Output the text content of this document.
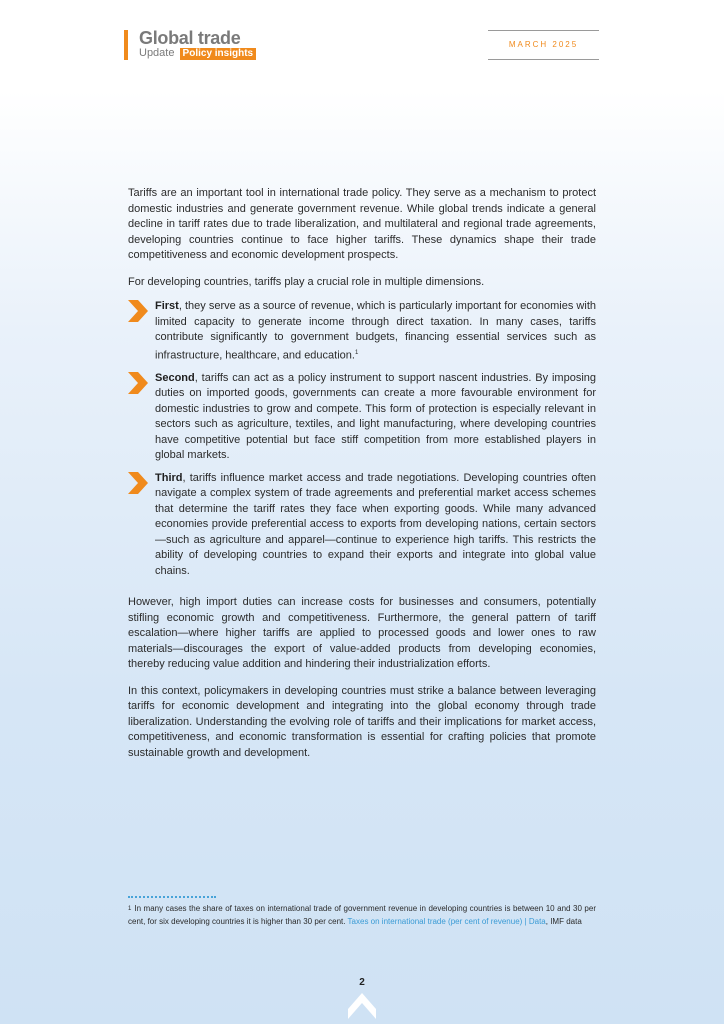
Global trade
Update Policy insights
MARCH 2025

Tariffs are an important tool in international trade policy. They serve as a mechanism to protect domestic industries and generate government revenue. While global trends indicate a general decline in tariff rates due to trade liberalization, and multilateral and regional trade agreements, developing countries continue to face higher tariffs. These dynamics shape their trade competitiveness and economic development prospects.

For developing countries, tariffs play a crucial role in multiple dimensions.

First, they serve as a source of revenue, which is particularly important for economies with limited capacity to generate income through direct taxation. In many cases, tariffs contribute significantly to government budgets, financing essential services such as infrastructure, healthcare, and education.$^1$

Second, tariffs can act as a policy instrument to support nascent industries. By imposing duties on imported goods, governments can create a more favourable environment for domestic industries to grow and compete. This form of protection is especially relevant in sectors such as agriculture, textiles, and light manufacturing, where developing countries have competitive potential but face stiff competition from more established players in global markets.

Third, tariffs influence market access and trade negotiations. Developing countries often navigate a complex system of trade agreements and preferential market access schemes that determine the tariff rates they face when exporting goods. While many advanced economies provide preferential access to exports from developing nations, certain sectors—such as agriculture and apparel—continue to experience high tariffs. This restricts the ability of developing countries to expand their exports and integrate into global value chains.

However, high import duties can increase costs for businesses and consumers, potentially stifling economic growth and competitiveness. Furthermore, the general pattern of tariff escalation—where higher tariffs are applied to processed goods and lower ones to raw materials—discourages the export of value-added products from developing economies, thereby reducing value addition and hindering their industrialization efforts.

In this context, policymakers in developing countries must strike a balance between leveraging tariffs for economic development and integrating into the global economy through trade liberalization. Understanding the evolving role of tariffs and their implications for market access, competitiveness, and economic transformation is essential for crafting policies that promote sustainable growth and development.

$^1$ In many cases the share of taxes on international trade of government revenue in developing countries is between 10 and 30 per cent, for six developing countries it is higher than 30 per cent. Taxes on international trade (per cent of revenue) | Data, IMF data
2
